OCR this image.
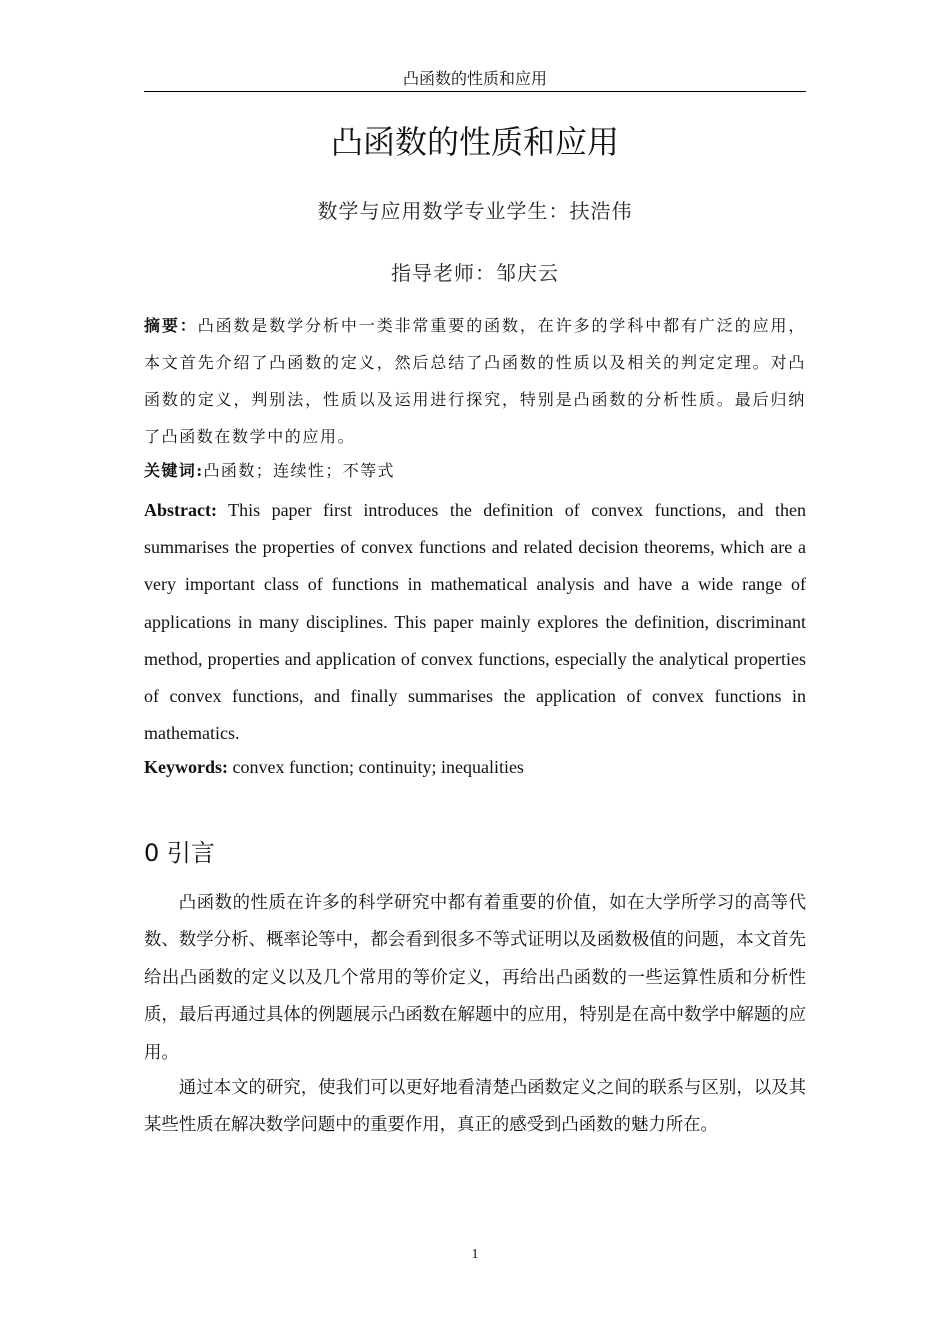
凸函数的性质和应用
凸函数的性质和应用
数学与应用数学专业学生：扶浩伟
指导老师：邹庆云
摘要：凸函数是数学分析中一类非常重要的函数，在许多的学科中都有广泛的应用，本文首先介绍了凸函数的定义，然后总结了凸函数的性质以及相关的判定定理。对凸函数的定义，判别法，性质以及运用进行探究，特别是凸函数的分析性质。最后归纳了凸函数在数学中的应用。
关键词:凸函数；连续性；不等式
Abstract: This paper first introduces the definition of convex functions, and then summarises the properties of convex functions and related decision theorems, which are a very important class of functions in mathematical analysis and have a wide range of applications in many disciplines. This paper mainly explores the definition, discriminant method, properties and application of convex functions, especially the analytical properties of convex functions, and finally summarises the application of convex functions in mathematics.
Keywords: convex function; continuity; inequalities
0 引言
凸函数的性质在许多的科学研究中都有着重要的价值，如在大学所学习的高等代数、数学分析、概率论等中，都会看到很多不等式证明以及函数极值的问题，本文首先给出凸函数的定义以及几个常用的等价定义，再给出凸函数的一些运算性质和分析性质，最后再通过具体的例题展示凸函数在解题中的应用，特别是在高中数学中解题的应用。
通过本文的研究，使我们可以更好地看清楚凸函数定义之间的联系与区别，以及其某些性质在解决数学问题中的重要作用，真正的感受到凸函数的魅力所在。
1
